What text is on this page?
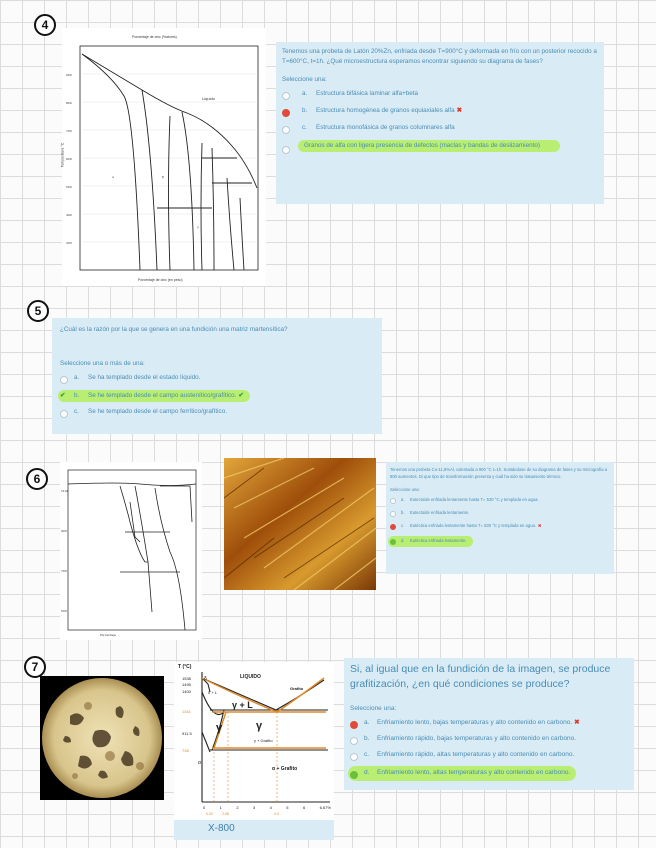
4
Porcentaje de cinc (%atoms)
Porcentaje de cinc (en peso)
Temperatura °C
Liquido
900
800
700
600
500
400
300
α	β
γ

Tenemos una probeta de Latón 20%Zn, enfriada desde T=900°C y deformada en frío con un posterior recocido a T=600°C, t=1h. ¿Qué microestructura esperamos encontrar siguiendo su diagrama de fases?

Seleccione una:
a.	Estructura bifásica laminar alfa+beta
b.	Estructura homogénea de granos equiaxiales alfa ✖
c.	Estructura monofásica de granos columnares alfa
Granos de alfa con ligera presencia de defectos (maclas y bandas de deslizamiento)
5

¿Cuál es la razón por la que se genera en una fundición una matriz martensítica?

Seleccione una o más de una:
a.	Se ha templado desde el estado líquido.
✔	b.	Se he templado desde el campo austenítico/grafítico. ✔
c.	Se he templado desde el campo ferrítico/grafítico.
6
1100
900
700
500
Porcentaje

Tenemos una probeta Cu-11,8%Al, calentada a 900 °C t=1h. Sustándose de su diagrama de fases y su micrografía a 800 aumentos. Di que tipo de transformación presenta y cuál ha sido su tratamiento térmico.

Seleccione una:
a.	Eutectoide enfriada lentamente hasta T= 530 °C y templada en agua.
b.	Eutectoide enfriada lentamente.
c.	Eutéctica enfriada lentamente hasta T= 530 °C y templada en agua. ✖
d.	Eutéctica enfriada lentamente.
7	T (°C)
1538
1495
1400
1154
911.5
738
LIQUIDO
γ + L
γ	γ
Grafito
γ + Grafito
α + Grafito
δ + L
α
δ
0	1	2	3	4	5	6	6.67%
0.02	2.08	4.3
X-800

Si, al igual que en la fundición de la imagen, se produce grafitización, ¿en qué condiciones se produce?

Seleccione una:
a.	Enfriamiento lento, bajas temperaturas y alto contenido en carbono. ✖
b.	Enfriamiento rápido, bajas temperaturas y alto contenido en carbono.
c.	Enfriamiento rápido, altas temperaturas y alto contenido en carbono.
d.	Enfriamiento lento, altas temperaturas y alto contenido en carbono.
